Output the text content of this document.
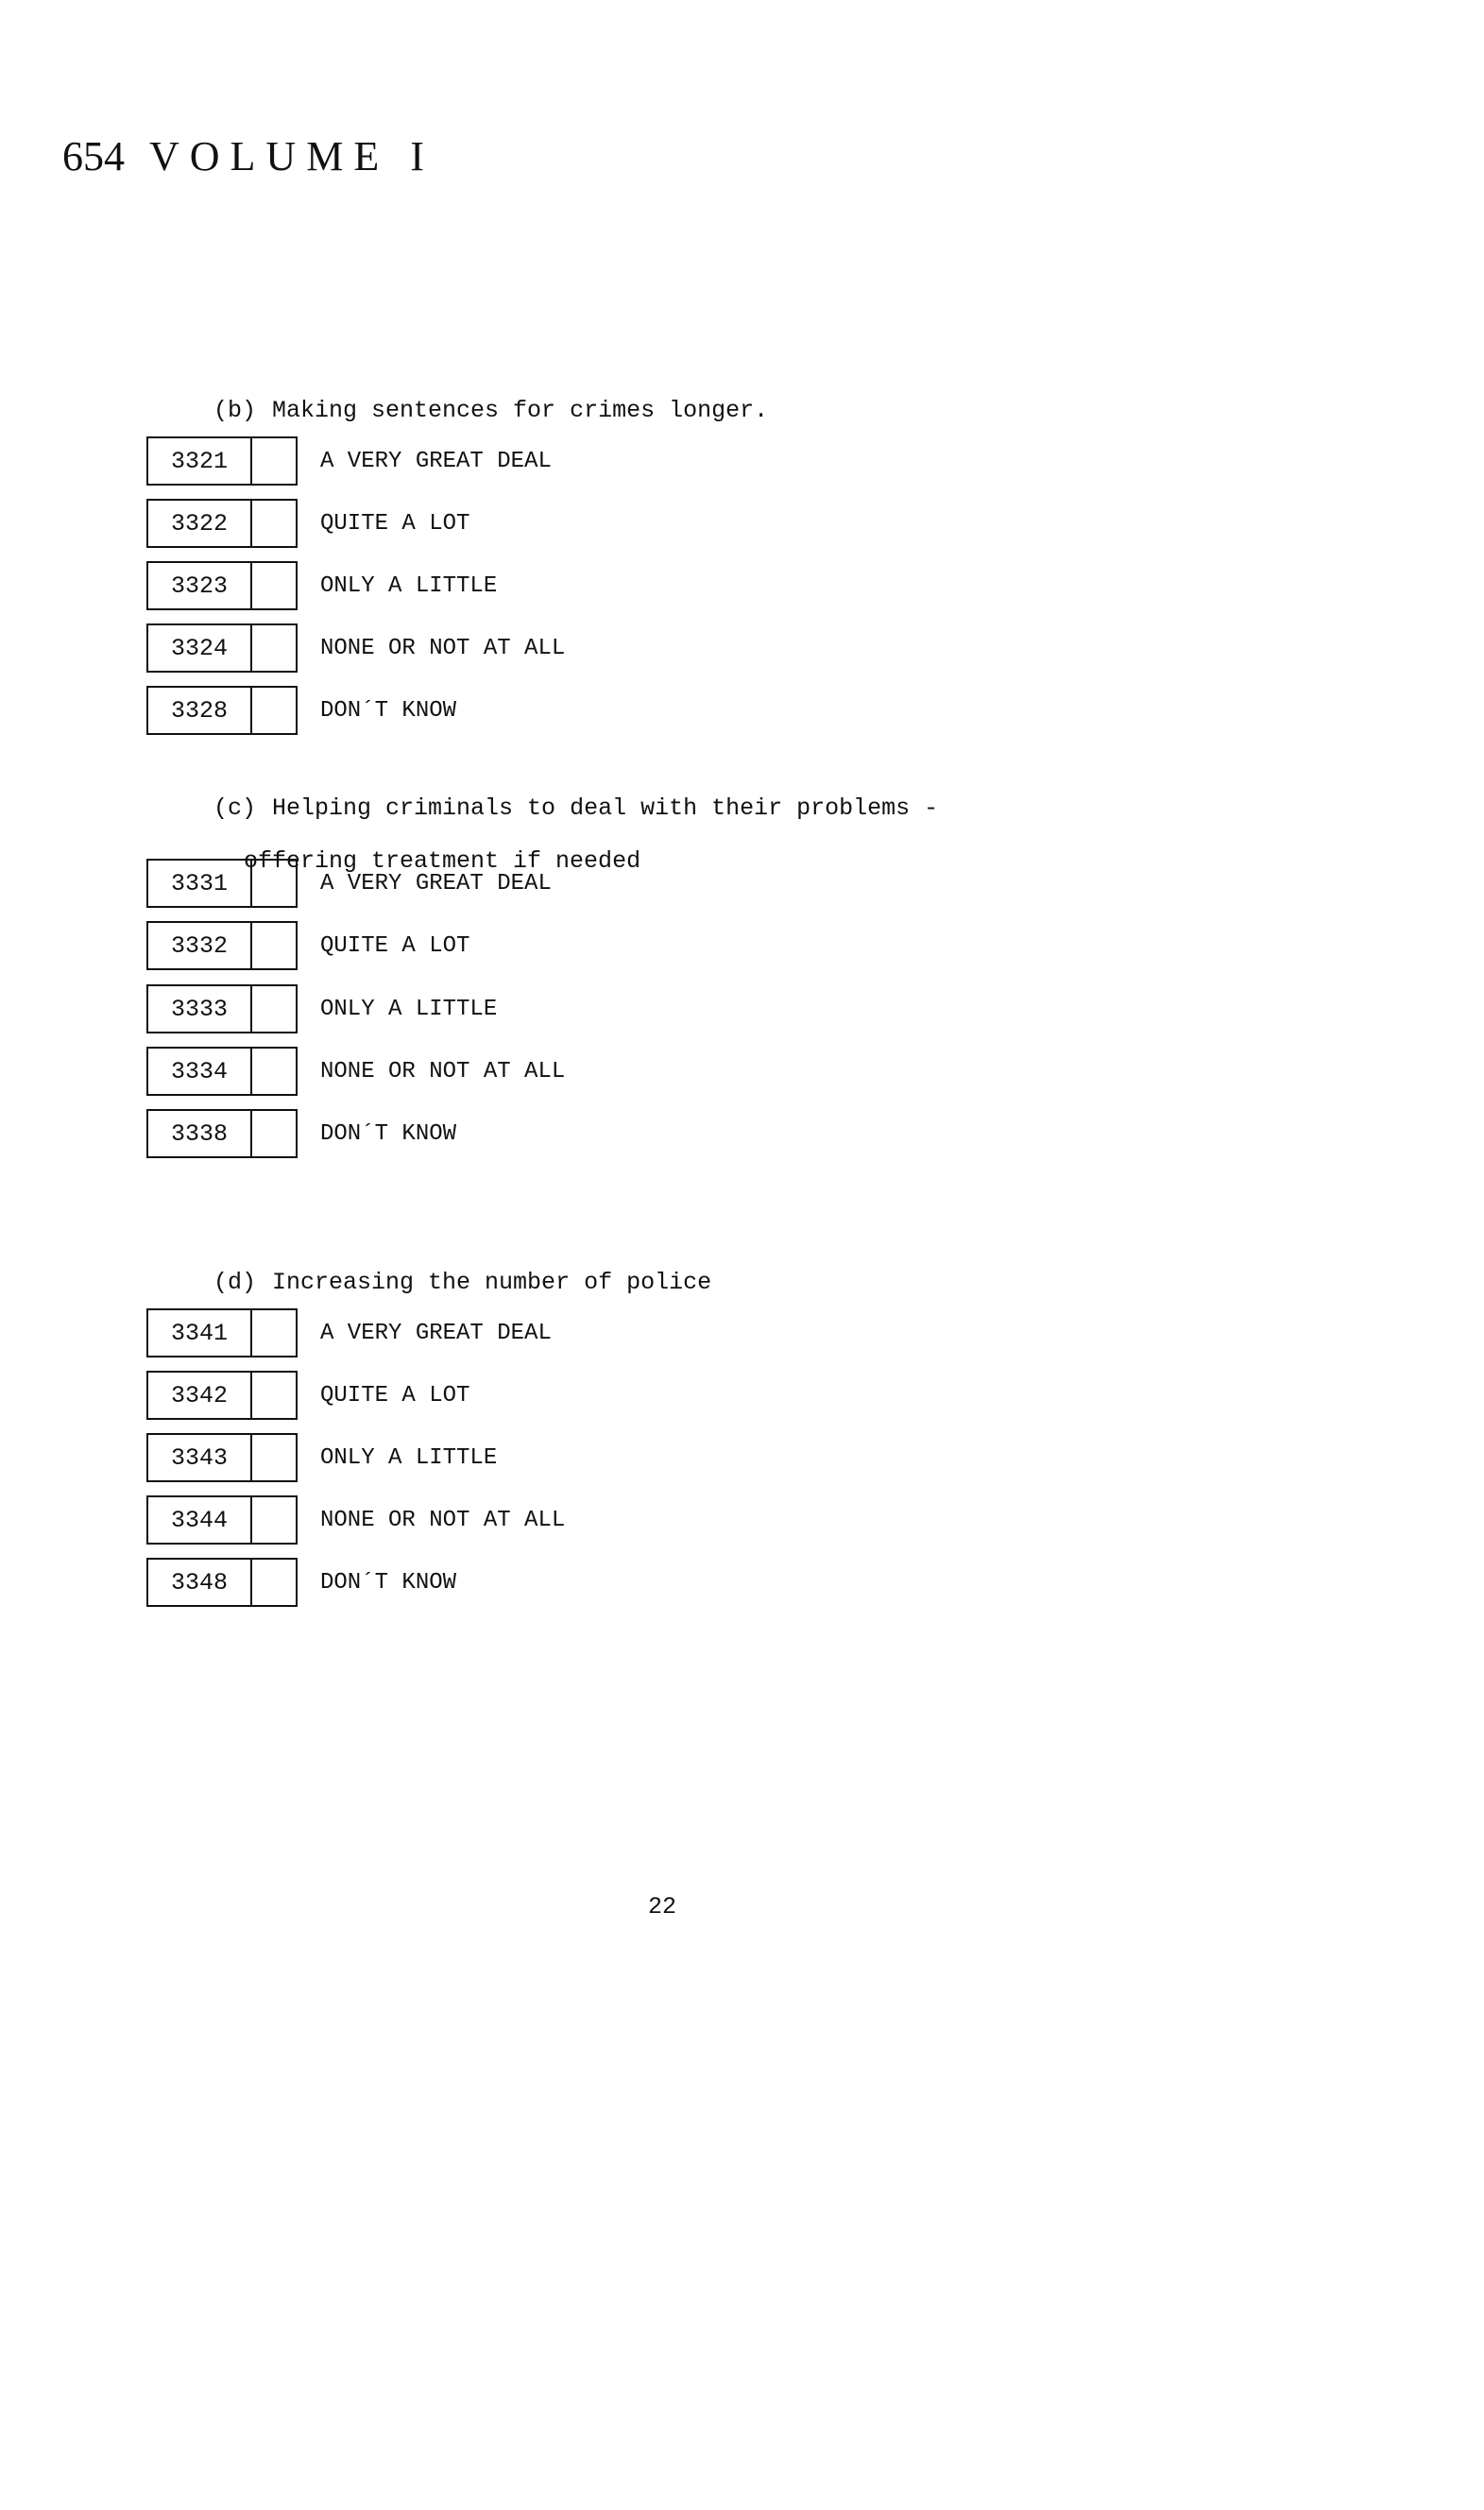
654 VOLUME I

(b) Making sentences for crimes longer.

3321	A VERY GREAT DEAL
3322	QUITE A LOT
3323	ONLY A LITTLE
3324	NONE OR NOT AT ALL
3328	DON´T KNOW

(c) Helping criminals to deal with their problems -

offering treatment if needed

3331	A VERY GREAT DEAL
3332	QUITE A LOT
3333	ONLY A LITTLE
3334	NONE OR NOT AT ALL
3338	DON´T KNOW

(d) Increasing the number of police

3341	A VERY GREAT DEAL
3342	QUITE A LOT
3343	ONLY A LITTLE
3344	NONE OR NOT AT ALL
3348	DON´T KNOW
22
